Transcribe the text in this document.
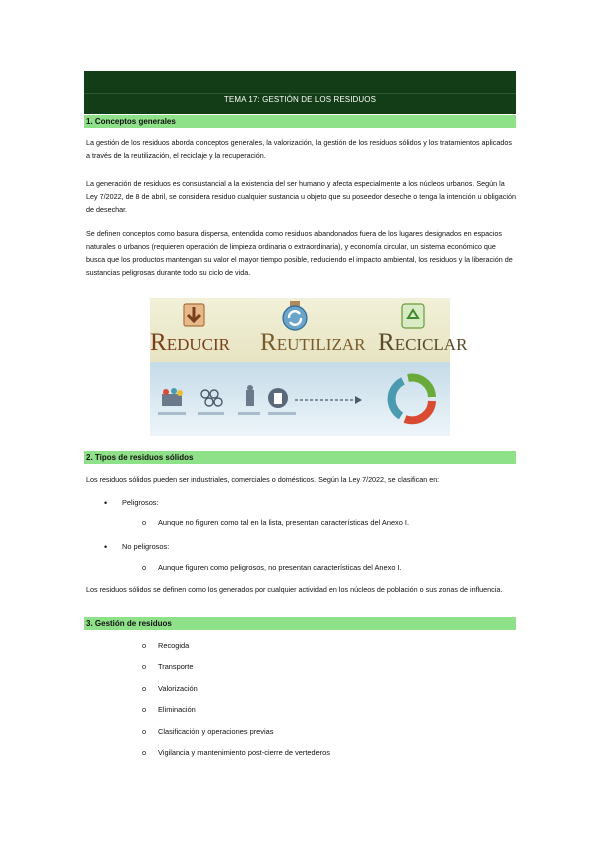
TEMA 17: GESTIÓN DE LOS RESIDUOS
1. Conceptos generales

La gestión de los residuos aborda conceptos generales, la valorización, la gestión de los residuos sólidos y los tratamientos aplicados a través de la reutilización, el reciclaje y la recuperación.

La generación de residuos es consustancial a la existencia del ser humano y afecta especialmente a los núcleos urbanos. Según la Ley 7/2022, de 8 de abril, se considera residuo cualquier sustancia u objeto que su poseedor deseche o tenga la intención u obligación de desechar.

Se definen conceptos como basura dispersa, entendida como residuos abandonados fuera de los lugares designados en espacios naturales o urbanos (requieren operación de limpieza ordinaria o extraordinaria), y economía circular, un sistema económico que busca que los productos mantengan su valor el mayor tiempo posible, reduciendo el impacto ambiental, los residuos y la liberación de sustancias peligrosas durante todo su ciclo de vida.

REDUCIR REUTILIZAR RECICLAR
2. Tipos de residuos sólidos

Los residuos sólidos pueden ser industriales, comerciales o domésticos. Según la Ley 7/2022, se clasifican en:

• Peligrosos:
o Aunque no figuren como tal en la lista, presentan características del Anexo I.
• No peligrosos:
o Aunque figuren como peligrosos, no presentan características del Anexo I.

Los residuos sólidos se definen como los generados por cualquier actividad en los núcleos de población o sus zonas de influencia.

3. Gestión de residuos
o Recogida
o Transporte
o Valorización
o Eliminación
o Clasificación y operaciones previas
o Vigilancia y mantenimiento post-cierre de vertederos
